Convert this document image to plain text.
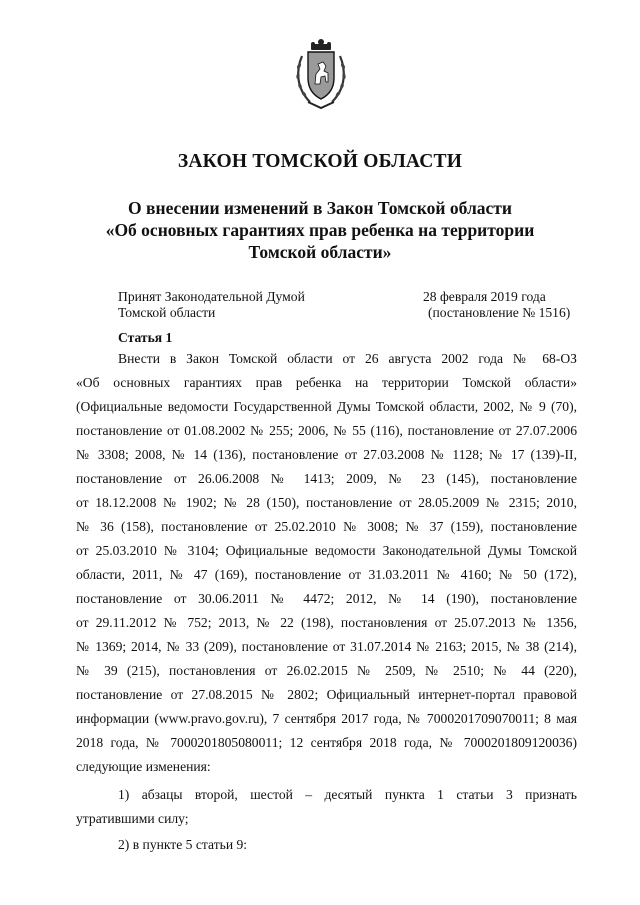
ЗАКОН ТОМСКОЙ ОБЛАСТИ
О внесении изменений в Закон Томской области
«Об основных гарантиях прав ребенка на территории
Томской области»
Принят Законодательной Думой
Томской области
28 февраля 2019 года
(постановление № 1516)
Статья 1
Внести в Закон Томской области от 26 августа 2002 года № 68-ОЗ
«Об основных гарантиях прав ребенка на территории Томской области»
(Официальные ведомости Государственной Думы Томской области, 2002, № 9 (70),
постановление от 01.08.2002 № 255; 2006, № 55 (116), постановление от 27.07.2006
№ 3308; 2008, № 14 (136), постановление от 27.03.2008 № 1128; № 17 (139)-II,
постановление от 26.06.2008 № 1413; 2009, № 23 (145), постановление
от 18.12.2008 № 1902; № 28 (150), постановление от 28.05.2009 № 2315; 2010,
№ 36 (158), постановление от 25.02.2010 № 3008; № 37 (159), постановление
от 25.03.2010 № 3104; Официальные ведомости Законодательной Думы Томской
области, 2011, № 47 (169), постановление от 31.03.2011 № 4160; № 50 (172),
постановление от 30.06.2011 № 4472; 2012, № 14 (190), постановление
от 29.11.2012 № 752; 2013, № 22 (198), постановления от 25.07.2013 № 1356,
№ 1369; 2014, № 33 (209), постановление от 31.07.2014 № 2163; 2015, № 38 (214),
№ 39 (215), постановления от 26.02.2015 № 2509, № 2510; № 44 (220),
постановление от 27.08.2015 № 2802; Официальный интернет-портал правовой
информации (www.pravo.gov.ru), 7 сентября 2017 года, № 7000201709070011; 8 мая
2018 года, № 7000201805080011; 12 сентября 2018 года, № 7000201809120036)
следующие изменения:
1) абзацы второй, шестой – десятый пункта 1 статьи 3 признать
утратившими силу;
2) в пункте 5 статьи 9:
